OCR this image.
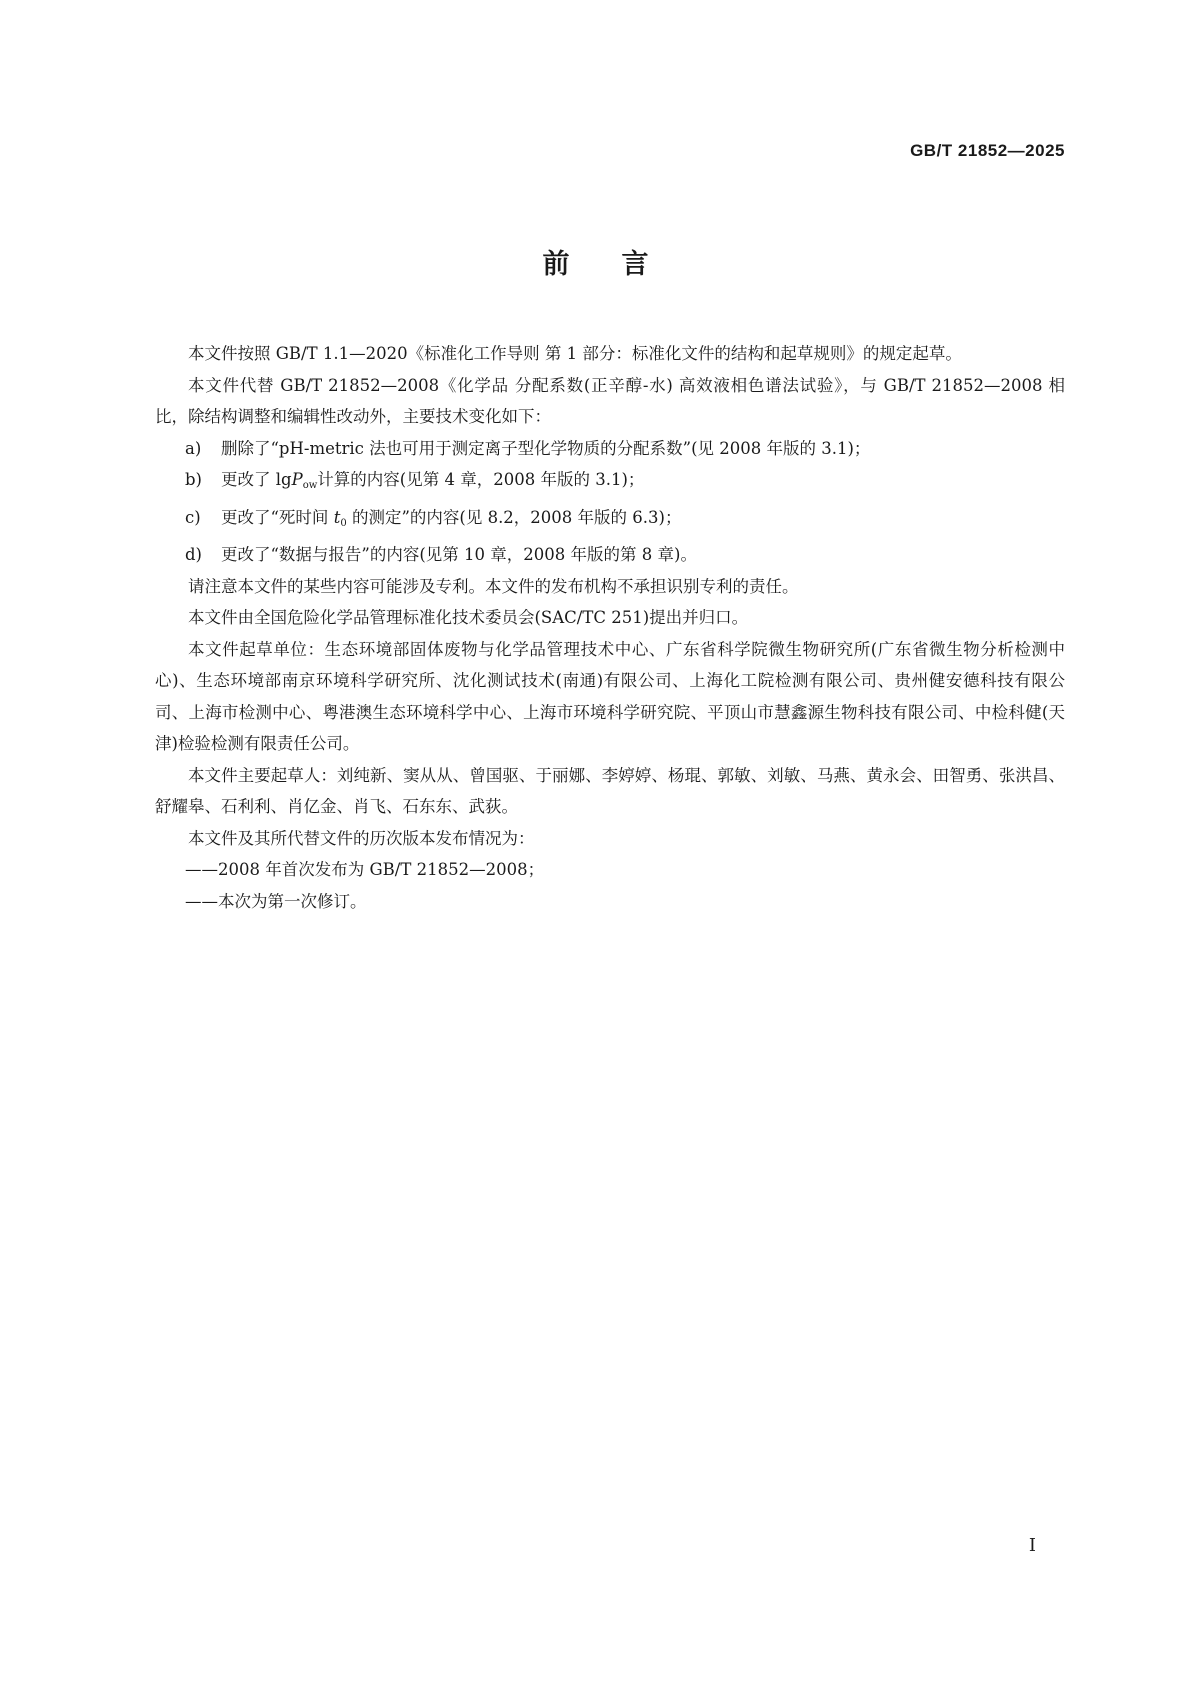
GB/T 21852—2025
前言

本文件按照 GB/T 1.1—2020《标准化工作导则 第 1 部分：标准化文件的结构和起草规则》的规定起草。

本文件代替 GB/T 21852—2008《化学品 分配系数(正辛醇-水) 高效液相色谱法试验》，与 GB/T 21852—2008 相比，除结构调整和编辑性改动外，主要技术变化如下：

a) 删除了“pH-metric 法也可用于测定离子型化学物质的分配系数”(见 2008 年版的 3.1)；

b) 更改了 lgP$_{ow}$计算的内容(见第 4 章，2008 年版的 3.1)；

c) 更改了“死时间 $t_0$ 的测定”的内容(见 8.2，2008 年版的 6.3)；

d) 更改了“数据与报告”的内容(见第 10 章，2008 年版的第 8 章)。

请注意本文件的某些内容可能涉及专利。本文件的发布机构不承担识别专利的责任。

本文件由全国危险化学品管理标准化技术委员会(SAC/TC 251)提出并归口。

本文件起草单位：生态环境部固体废物与化学品管理技术中心、广东省科学院微生物研究所(广东省微生物分析检测中心)、生态环境部南京环境科学研究所、沈化测试技术(南通)有限公司、上海化工院检测有限公司、贵州健安德科技有限公司、上海市检测中心、粤港澳生态环境科学中心、上海市环境科学研究院、平顶山市慧鑫源生物科技有限公司、中检科健(天津)检验检测有限责任公司。

本文件主要起草人：刘纯新、窦从从、曾国驱、于丽娜、李婷婷、杨琨、郭敏、刘敏、马燕、黄永会、田智勇、张洪昌、舒耀皋、石利利、肖亿金、肖飞、石东东、武荻。

本文件及其所代替文件的历次版本发布情况为：

——2008 年首次发布为 GB/T 21852—2008；

——本次为第一次修订。

I
